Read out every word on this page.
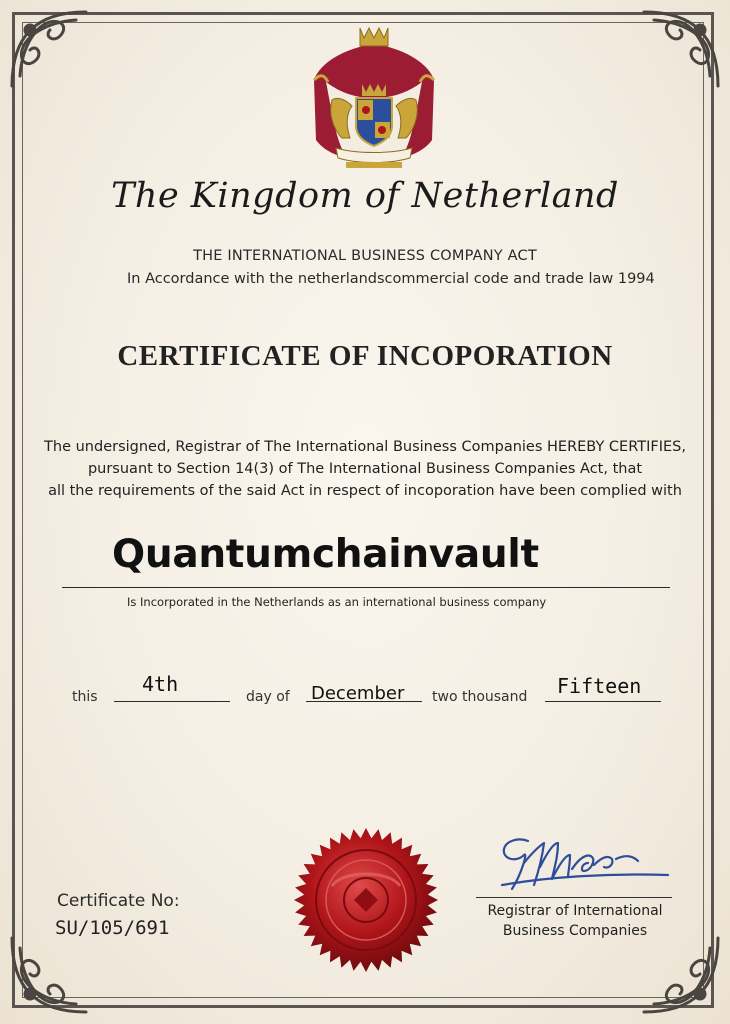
The Kingdom of Netherland
THE INTERNATIONAL BUSINESS COMPANY ACT
In Accordance with the netherlandscommercial code and trade law 1994
CERTIFICATE OF INCOPORATION
The undersigned, Registrar of The International Business Companies HEREBY CERTIFIES,
pursuant to Section 14(3) of The International Business Companies Act, that
all the requirements of the said Act in respect of incoporation have been complied with
Quantumchainvault
Is Incorporated in the Netherlands as an international business company
this
4th
day of December two thousand Fifteen
Certificate No:
SU/105/691
Registrar of International
Business Companies
